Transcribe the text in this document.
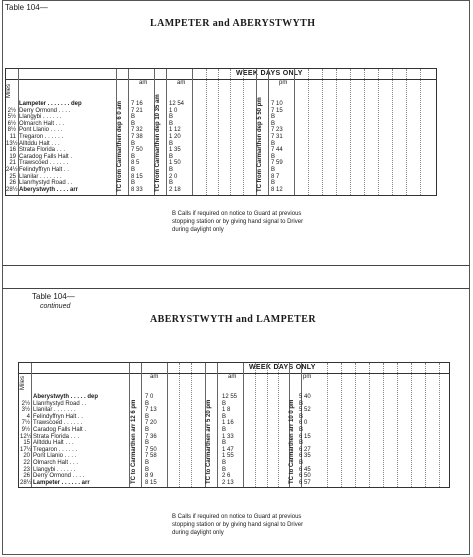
Table 104—
LAMPETER and ABERYSTWYTH
WEEK DAYS ONLY
Miles
am	am	pm
TC from Carmarthen dep 6 0 am	TC from Carmarthen dep 10 35 am	TC from Carmarthen dep 5 50 pm
Lampeter . . . . . . . dep	7 16	12 54	7 10
2½ Derry Ormond . . . .	7 21	1 0	7 15
5½ Llangybi . . . . . .	B	B	B
6½ Olmarch Halt . . .	B	B	B
8½ Pont Llanio . . . .	7 32	1 12	7 23
11 Tregaron . . . . . .	7 38	1 20	7 31
13½ Alltddu Halt . . .	B	B	B
16 Strata Florida . . .	7 50	1 35	7 44
19 Caradog Falls Halt .	B	B	B
21 Trawscoed . . . . . .	8 5	1 50	7 59
24½ Felindyffryn Halt . .	B	B	B
25 Llanilar . . . . . . .	8 15	2 0	8 7
26 Llanrhystyd Road . .	B	B	B
28½ Aberystwyth . . . . arr	8 33	2 18	8 12
B Calls if required on notice to Guard at previous stopping station or by giving hand signal to Driver during daylight only
Table 104—
continued
ABERYSTWYTH and LAMPETER
WEEK DAYS ONLY
Miles	am	am	pm
TC to Carmarthen arr 12 6 pm	TC to Carmarthen arr 5 20 pm	TC to Carmarthen arr 10 0 pm
Aberystwyth . . . . . dep	7 0	12 55	5 40
2½ Llanrhystyd Road . .	B	B	B
3½ Llanilar . . . . . . .	7 13	1 8	5 52
4 Felindyffryn Halt . .	B	B	B
7½ Trawscoed . . . . . .	7 20	1 16	6 0
9½ Caradog Falls Halt .	B	B	B
12½ Strata Florida . . .	7 36	1 33	6 15
15 Alltddu Halt . . .	B	B	B
17½ Tregaron . . . . . .	7 50	1 47	6 27
20 Pont Llanio . . . .	7 58	1 55	6 35
22 Olmarch Halt . . .	B	B	B
23 Llangybi . . . . . .	B	B	6 45
26 Derry Ormond . . . .	8 9	2 6	6 50
28½ Lampeter . . . . . . arr	8 15	2 13	6 57
B Calls if required on notice to Guard at previous stopping station or by giving hand signal to Driver during daylight only
